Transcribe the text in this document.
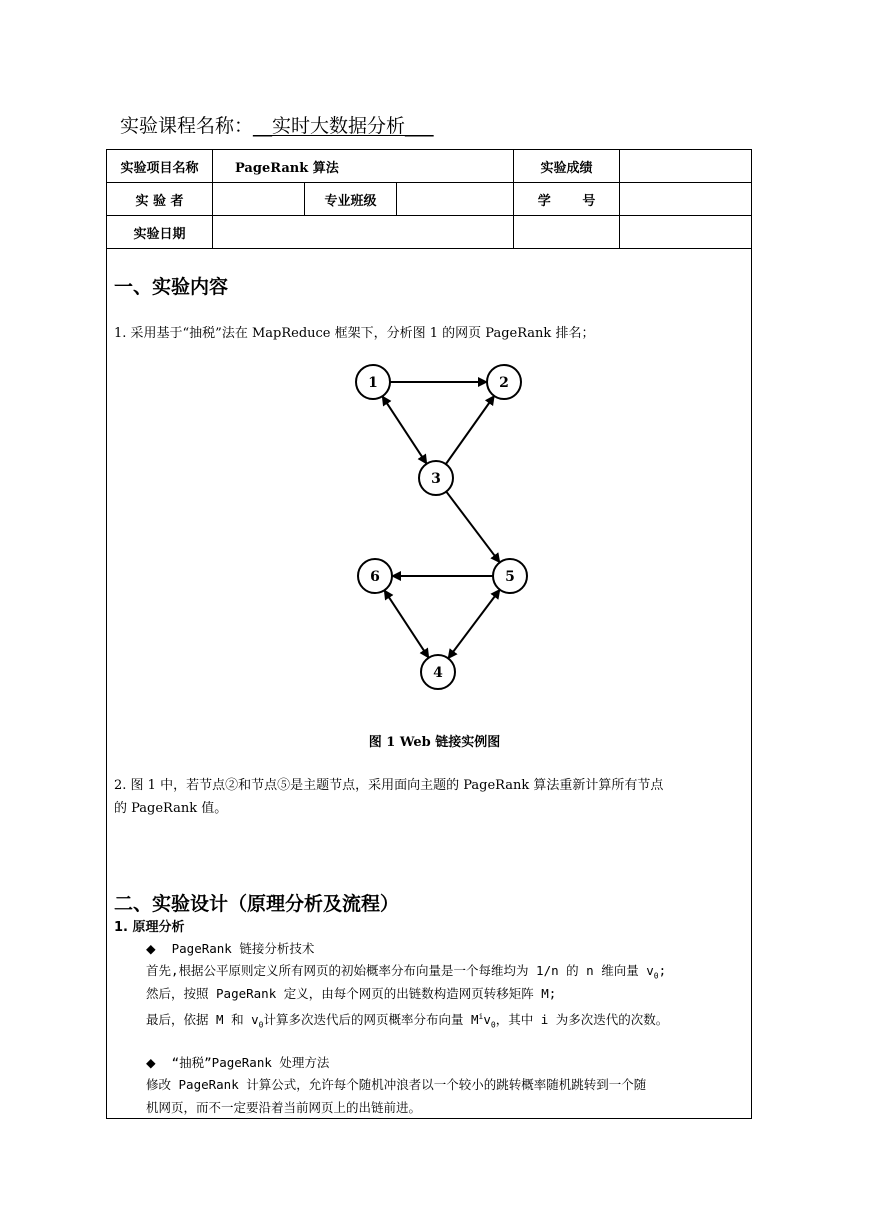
实验课程名称：__实时大数据分析___
实验项目名称	PageRank 算法			实验成绩	
实 验 者		专业班级		学       号	
实验日期					
一、实验内容
1. 采用基于“抽税”法在 MapReduce 框架下，分析图 1 的网页 PageRank 排名；
1	2
3
4
5
6
图 1 Web 链接实例图
2. 图 1 中，若节点②和节点⑤是主题节点，采用面向主题的 PageRank 算法重新计算所有节点
的 PageRank 值。
二、实验设计（原理分析及流程）
1. 原理分析
◆ PageRank 链接分析技术
首先,根据公平原则定义所有网页的初始概率分布向量是一个每维均为 1/n 的 n 维向量 $v_0$;
然后，按照 PageRank 定义，由每个网页的出链数构造网页转移矩阵 M;
最后，依据 M 和 $v_0$计算多次迭代后的网页概率分布向量 $M^iv_0$，其中 i 为多次迭代的次数。
◆ “抽税”PageRank 处理方法
修改 PageRank 计算公式，允许每个随机冲浪者以一个较小的跳转概率随机跳转到一个随
机网页，而不一定要沿着当前网页上的出链前进。
